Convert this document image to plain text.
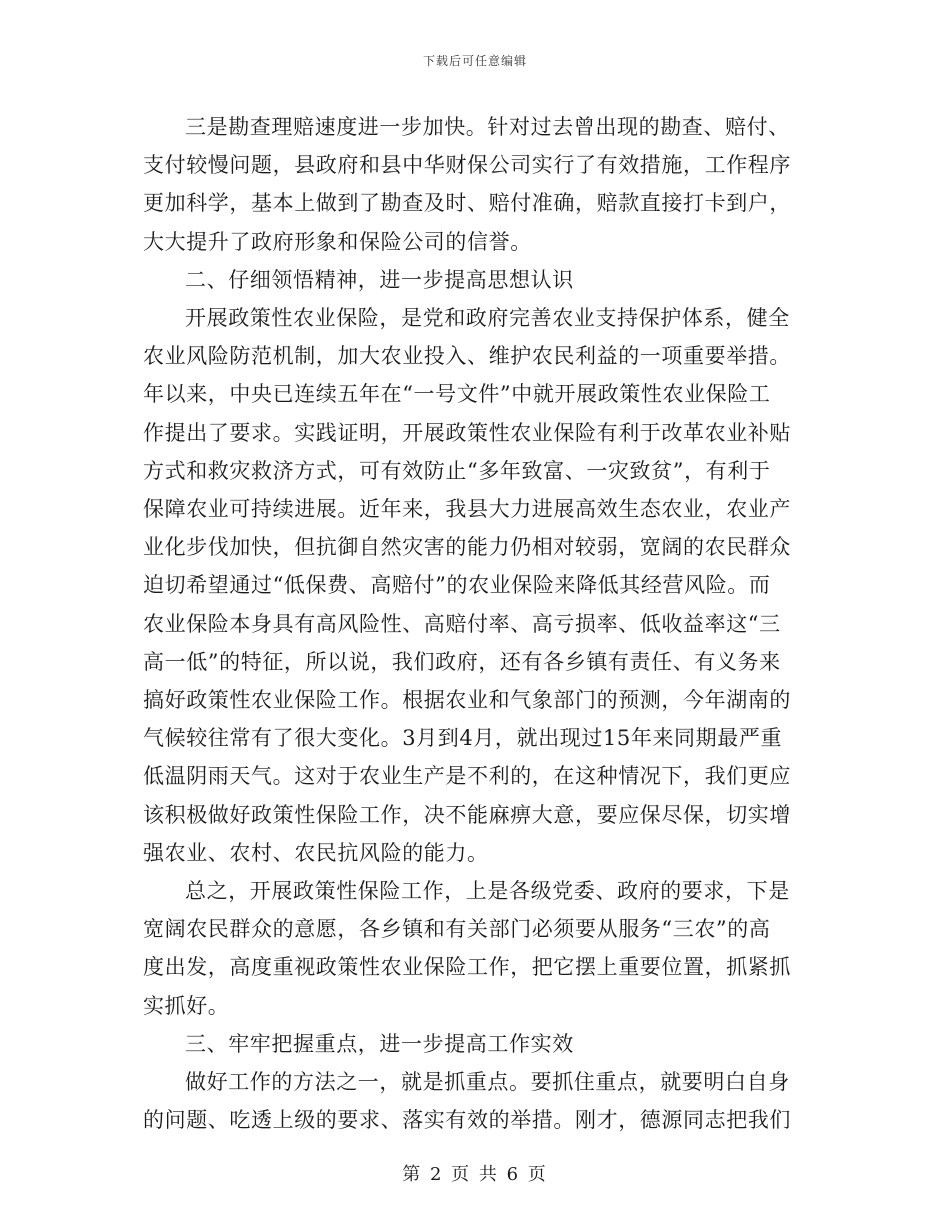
下载后可任意编辑

三是勘查理赔速度进一步加快。针对过去曾出现的勘查、赔付、
支付较慢问题，县政府和县中华财保公司实行了有效措施，工作程序
更加科学，基本上做到了勘查及时、赔付准确，赔款直接打卡到户，
大大提升了政府形象和保险公司的信誉。

二、仔细领悟精神，进一步提高思想认识

开展政策性农业保险，是党和政府完善农业支持保护体系，健全
农业风险防范机制，加大农业投入、维护农民利益的一项重要举措。
年以来，中央已连续五年在“一号文件”中就开展政策性农业保险工
作提出了要求。实践证明，开展政策性农业保险有利于改革农业补贴
方式和救灾救济方式，可有效防止“多年致富、一灾致贫”，有利于
保障农业可持续进展。近年来，我县大力进展高效生态农业，农业产
业化步伐加快，但抗御自然灾害的能力仍相对较弱，宽阔的农民群众
迫切希望通过“低保费、高赔付”的农业保险来降低其经营风险。而
农业保险本身具有高风险性、高赔付率、高亏损率、低收益率这“三
高一低”的特征，所以说，我们政府，还有各乡镇有责任、有义务来
搞好政策性农业保险工作。根据农业和气象部门的预测，今年湖南的
气候较往常有了很大变化。3月到4月，就出现过15年来同期最严重
低温阴雨天气。这对于农业生产是不利的，在这种情况下，我们更应
该积极做好政策性保险工作，决不能麻痹大意，要应保尽保，切实增
强农业、农村、农民抗风险的能力。

总之，开展政策性保险工作，上是各级党委、政府的要求，下是
宽阔农民群众的意愿，各乡镇和有关部门必须要从服务“三农”的高
度出发，高度重视政策性农业保险工作，把它摆上重要位置，抓紧抓
实抓好。

三、牢牢把握重点，进一步提高工作实效

做好工作的方法之一，就是抓重点。要抓住重点，就要明白自身
的问题、吃透上级的要求、落实有效的举措。刚才，德源同志把我们

第 2 页 共 6 页
